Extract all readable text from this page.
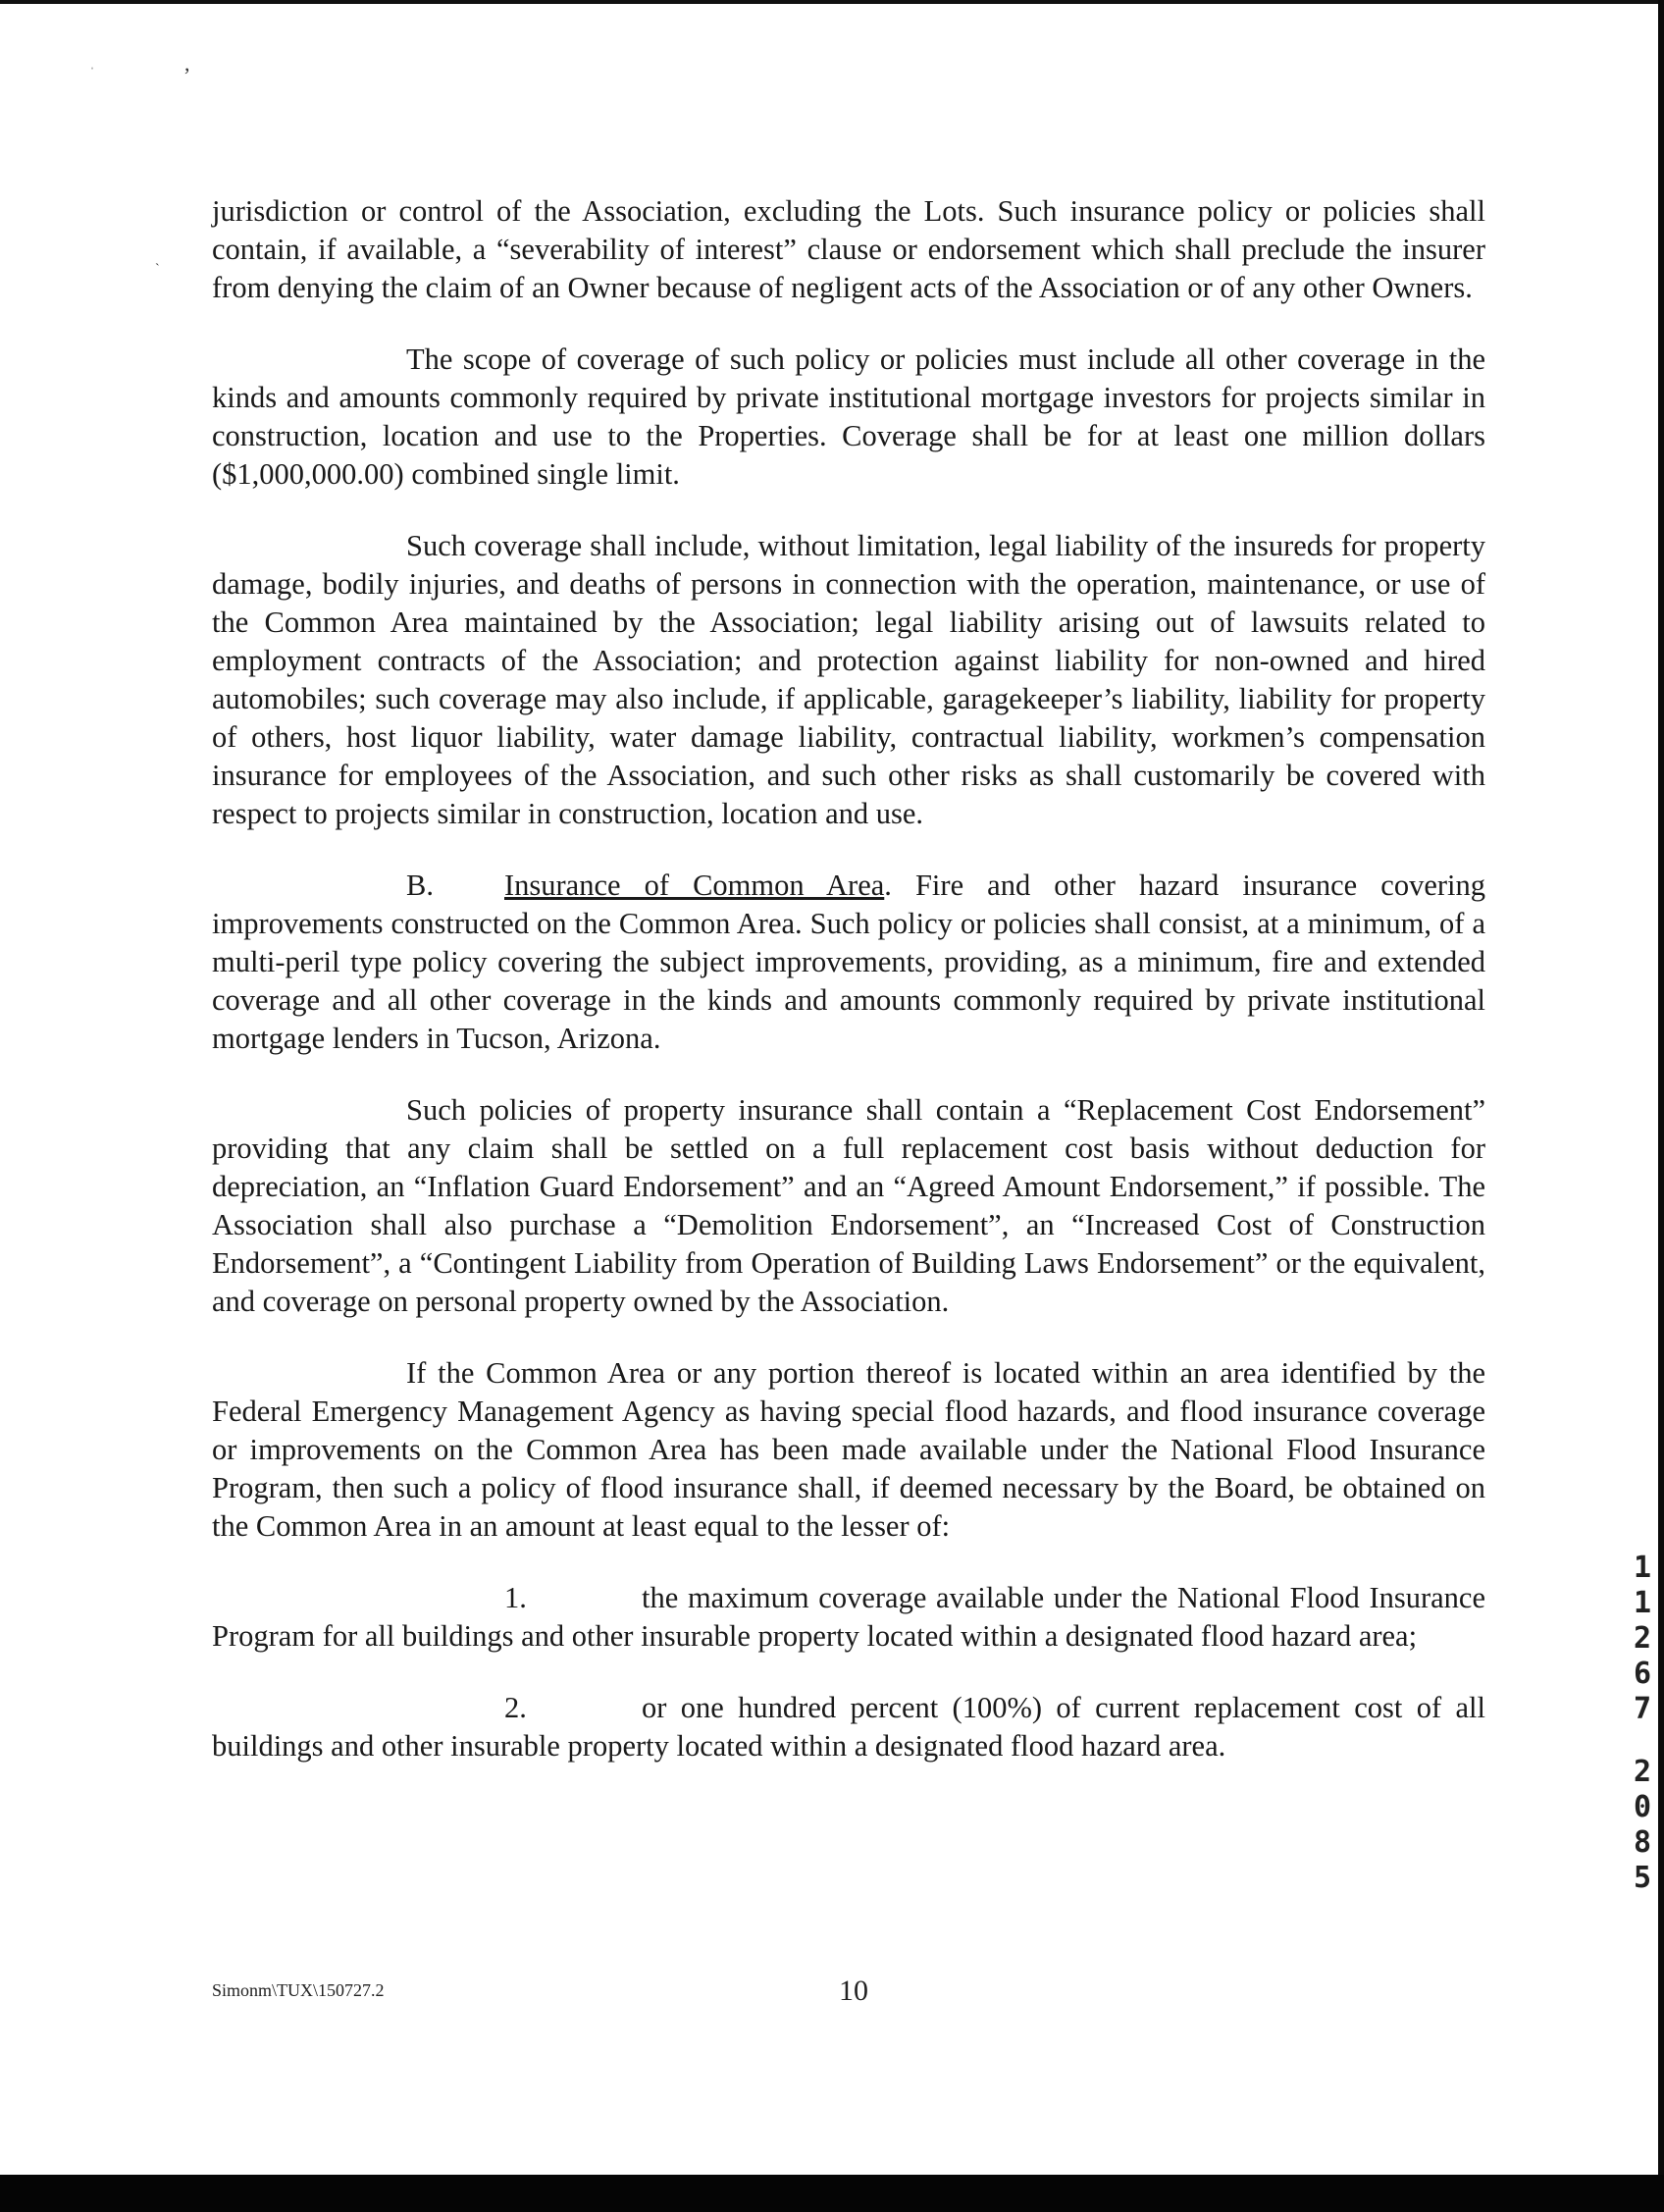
ˌ	,
`

jurisdiction or control of the Association, excluding the Lots. Such insurance policy or policies shall contain, if available, a “severability of interest” clause or endorsement which shall preclude the insurer from denying the claim of an Owner because of negligent acts of the Association or of any other Owners.

The scope of coverage of such policy or policies must include all other coverage in the kinds and amounts commonly required by private institutional mortgage investors for projects similar in construction, location and use to the Properties. Coverage shall be for at least one million dollars ($1,000,000.00) combined single limit.

Such coverage shall include, without limitation, legal liability of the insureds for property damage, bodily injuries, and deaths of persons in connection with the operation, maintenance, or use of the Common Area maintained by the Association; legal liability arising out of lawsuits related to employment contracts of the Association; and protection against liability for non-owned and hired automobiles; such coverage may also include, if applicable, garagekeeper’s liability, liability for property of others, host liquor liability, water damage liability, contractual liability, workmen’s compensation insurance for employees of the Association, and such other risks as shall customarily be covered with respect to projects similar in construction, location and use.

B. Insurance of Common Area. Fire and other hazard insurance covering improvements constructed on the Common Area. Such policy or policies shall consist, at a minimum, of a multi-peril type policy covering the subject improvements, providing, as a minimum, fire and extended coverage and all other coverage in the kinds and amounts commonly required by private institutional mortgage lenders in Tucson, Arizona.

Such policies of property insurance shall contain a “Replacement Cost Endorsement” providing that any claim shall be settled on a full replacement cost basis without deduction for depreciation, an “Inflation Guard Endorsement” and an “Agreed Amount Endorsement,” if possible. The Association shall also purchase a “Demolition Endorsement”, an “Increased Cost of Construction Endorsement”, a “Contingent Liability from Operation of Building Laws Endorsement” or the equivalent, and coverage on personal property owned by the Association.

If the Common Area or any portion thereof is located within an area identified by the Federal Emergency Management Agency as having special flood hazards, and flood insurance coverage or improvements on the Common Area has been made available under the National Flood Insurance Program, then such a policy of flood insurance shall, if deemed necessary by the Board, be obtained on the Common Area in an amount at least equal to the lesser of:

1.	the maximum coverage available under the National Flood Insurance Program for all buildings and other insurable property located within a designated flood hazard area;

2.	or one hundred percent (100%) of current replacement cost of all buildings and other insurable property located within a designated flood hazard area.

Simonm\TUX\150727.2	10
1
1
2
6
7
2
0
8
5
